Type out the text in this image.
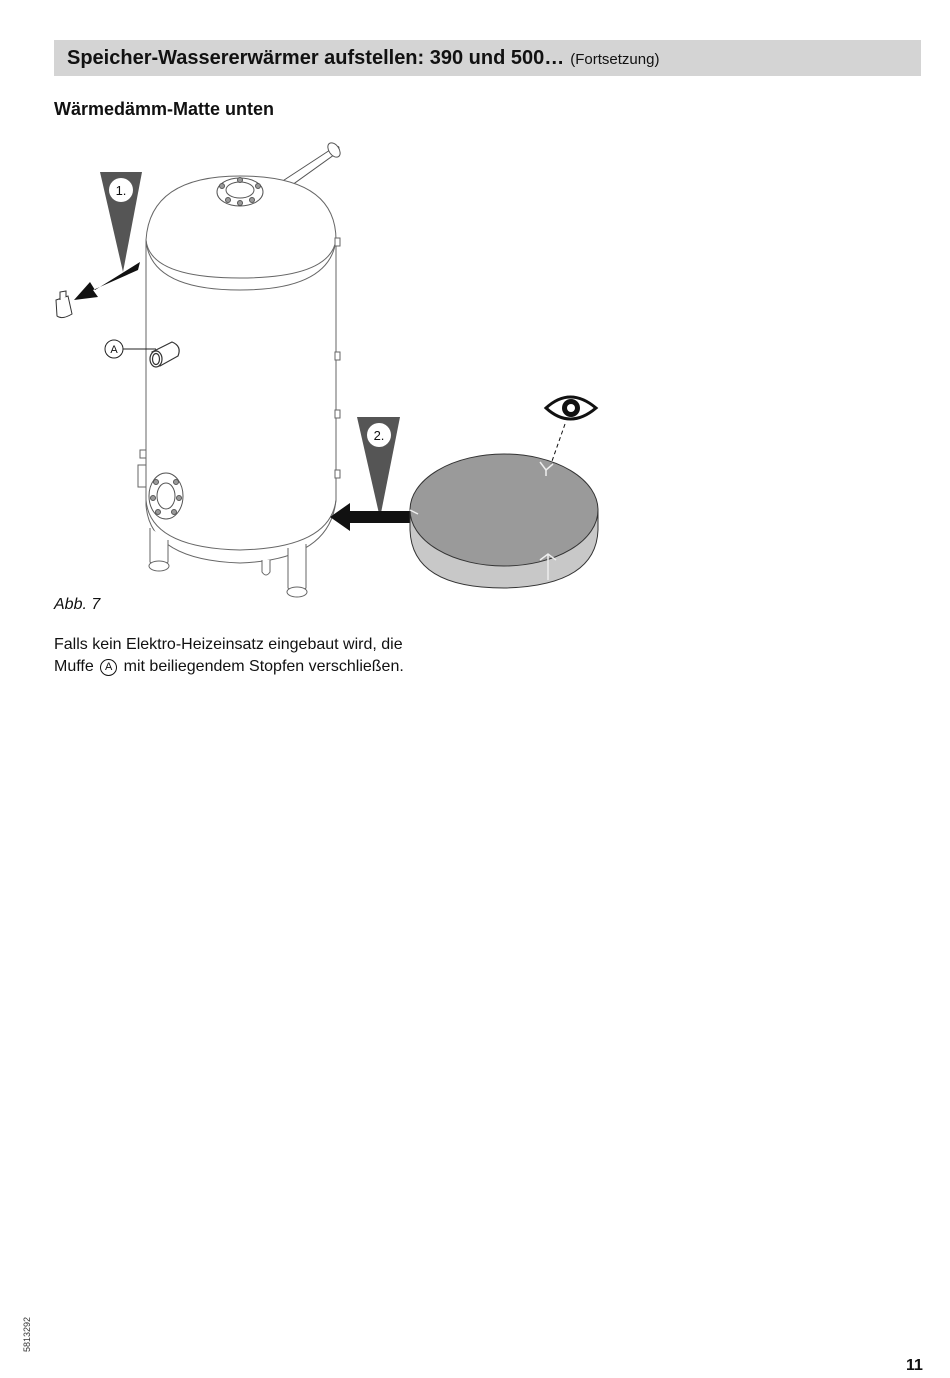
Speicher-Wassererwärmer aufstellen: 390 und 500… (Fortsetzung)
Wärmedämm-Matte unten
A
1.
2.
Abb. 7
Falls kein Elektro-Heizeinsatz eingebaut wird, die
Muffe A mit beiliegendem Stopfen verschließen.
5813292
11
